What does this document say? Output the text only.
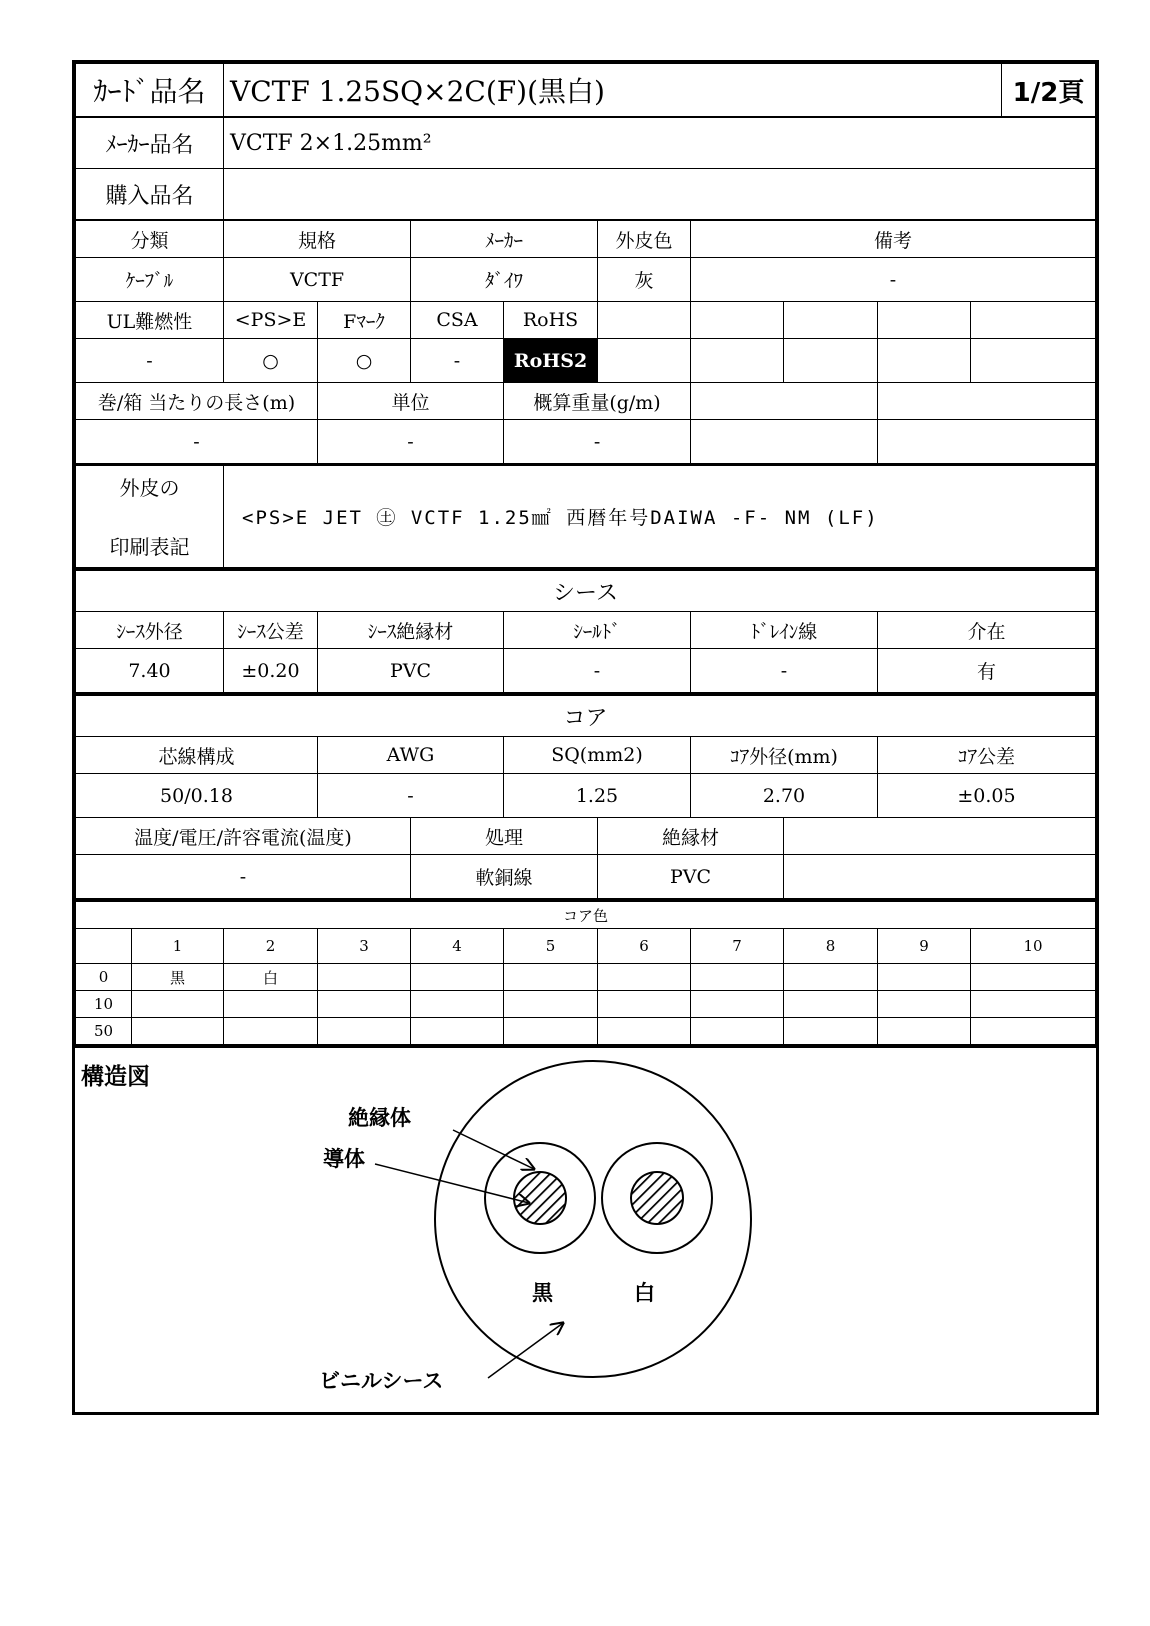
ｶｰﾄﾞ品名	VCTF 1.25SQ×2C(F)(黒白)	1/2頁
ﾒｰｶｰ品名	VCTF 2×1.25mm²
購入品名	
分類	規格		ﾒｰｶｰ		外皮色	備考			
ｹｰﾌﾞﾙ	VCTF		ﾀﾞｲﾜ		灰	-			
UL難燃性	<PS>E	Fﾏｰｸ	CSA	RoHS					
-	○	○	-	RoHS2					
巻/箱 当たりの長さ(m)		単位		概算重量(g/m)					
-		-		-					

外皮の
印刷表記	<PS>E JET ㊏ VCTF 1.25㎟ 西暦年号DAIWA -F- NM (LF)								
シース					
ｼｰｽ外径	ｼｰｽ公差	ｼｰｽ絶縁材	ｼｰﾙﾄﾞ	ﾄﾞﾚｲﾝ線	介在
7.40	±0.20	PVC	-	-	有
コア							
芯線構成	AWG		SQ(mm2)		ｺｱ外径(mm)		ｺｱ公差
50/0.18	-		1.25		2.70		±0.05
温度/電圧/許容電流(温度)		処理		絶縁材			
-		軟銅線		PVC			
コア色										
	1	2	3	4	5	6	7	8	9	10
0	黒	白								
10										
50										
構造図
絶縁体
導体
黒	白
ビニルシース
